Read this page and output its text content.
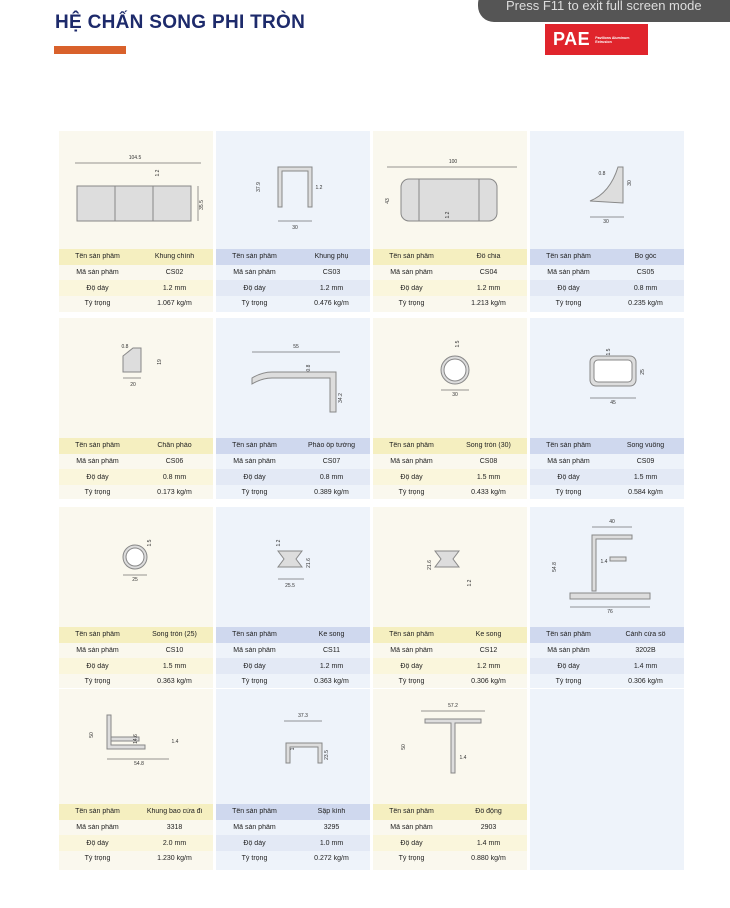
HỆ CHẤN SONG PHI TRÒN
Press F11 to exit full screen mode
PAE Pavilions Aluminum Extrusion
104.5
35.5
1.2
Tên sản phẩm	Khung chính
Mã sản phẩm	CS02
Độ dày	1.2 mm
Tỷ trọng	1.067 kg/m
37.9	1.2
30
Tên sản phẩm	Khung phụ
Mã sản phẩm	CS03
Độ dày	1.2 mm
Tỷ trọng	0.476 kg/m
100
43
1.2
Tên sản phẩm	Đố chia
Mã sản phẩm	CS04
Độ dày	1.2 mm
Tỷ trọng	1.213 kg/m
0.8
30
30
Tên sản phẩm	Bo góc
Mã sản phẩm	CS05
Độ dày	0.8 mm
Tỷ trọng	0.235 kg/m
0.8
19
20
Tên sản phẩm	Chân phào
Mã sản phẩm	CS06
Độ dày	0.8 mm
Tỷ trọng	0.173 kg/m
55
0.8
34.2
Tên sản phẩm	Phào ốp tường
Mã sản phẩm	CS07
Độ dày	0.8 mm
Tỷ trọng	0.389 kg/m
1.5
30
Tên sản phẩm	Song tròn (30)
Mã sản phẩm	CS08
Độ dày	1.5 mm
Tỷ trọng	0.433 kg/m
1.5
25
45
Tên sản phẩm	Song vuông
Mã sản phẩm	CS09
Độ dày	1.5 mm
Tỷ trọng	0.584 kg/m
1.5
25
Tên sản phẩm	Song tròn (25)
Mã sản phẩm	CS10
Độ dày	1.5 mm
Tỷ trọng	0.363 kg/m
1.2
21.6
25.5
Tên sản phẩm	Ke song
Mã sản phẩm	CS11
Độ dày	1.2 mm
Tỷ trọng	0.363 kg/m
21.6
1.2
Tên sản phẩm	Ke song
Mã sản phẩm	CS12
Độ dày	1.2 mm
Tỷ trọng	0.306 kg/m
40
1.4
54.8
76
Tên sản phẩm	Cánh cửa sổ
Mã sản phẩm	3202B
Độ dày	1.4 mm
Tỷ trọng	0.306 kg/m
50	14.6	1.4
54.8
Tên sản phẩm	Khung bao cửa đi
Mã sản phẩm	3318
Độ dày	2.0 mm
Tỷ trọng	1.230 kg/m
37.3
1
23.5
Tên sản phẩm	Sập kính
Mã sản phẩm	3295
Độ dày	1.0 mm
Tỷ trọng	0.272 kg/m
57.2
50
1.4
Tên sản phẩm	Đố động
Mã sản phẩm	2903
Độ dày	1.4 mm
Tỷ trọng	0.880 kg/m
